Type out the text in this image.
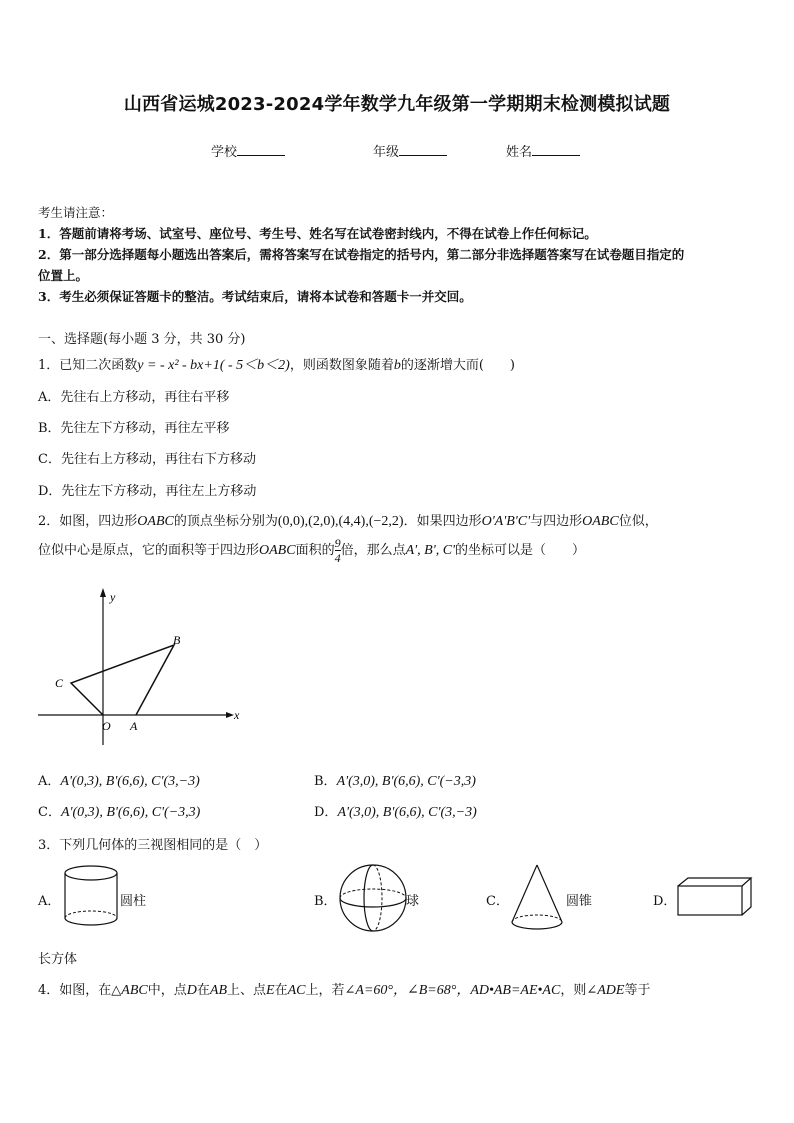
山西省运城2023-2024学年数学九年级第一学期期末检测模拟试题
学校	年级	姓名
考生请注意：
1．答题前请将考场、试室号、座位号、考生号、姓名写在试卷密封线内，不得在试卷上作任何标记。
2．第一部分选择题每小题选出答案后，需将答案写在试卷指定的括号内，第二部分非选择题答案写在试卷题目指定的
位置上。
3．考生必须保证答题卡的整洁。考试结束后，请将本试卷和答题卡一并交回。
一、选择题(每小题 3 分，共 30 分)
1．已知二次函数y = - x² - bx+1( - 5＜b＜2)，则函数图象随着b的逐渐增大而(　　)
A．先往右上方移动，再往右平移
B．先往左下方移动，再往左平移
C．先往右上方移动，再往右下方移动
D．先往左下方移动，再往左上方移动
2．如图，四边形OABC的顶点坐标分别为(0,0),(2,0),(4,4),(−2,2)．如果四边形O'A'B'C'与四边形OABC位似，
位似中心是原点，它的面积等于四边形OABC面积的 $\frac{9}{4}$ 倍，那么点A', B', C'的坐标可以是（　　）
y
x
O A
B
C
A．A'(0,3), B'(6,6), C'(3,−3)	B．A'(3,0), B'(6,6), C'(−3,3)
C．A'(0,3), B'(6,6), C'(−3,3)	D．A'(3,0), B'(6,6), C'(3,−3)
3．下列几何体的三视图相同的是（　）
A．	圆柱	B．	球	C．	圆锥	D．
长方体
4．如图，在△ABC中，点D在AB上、点E在AC上，若∠A=60°，∠B=68°，AD•AB=AE•AC，则∠ADE等于
